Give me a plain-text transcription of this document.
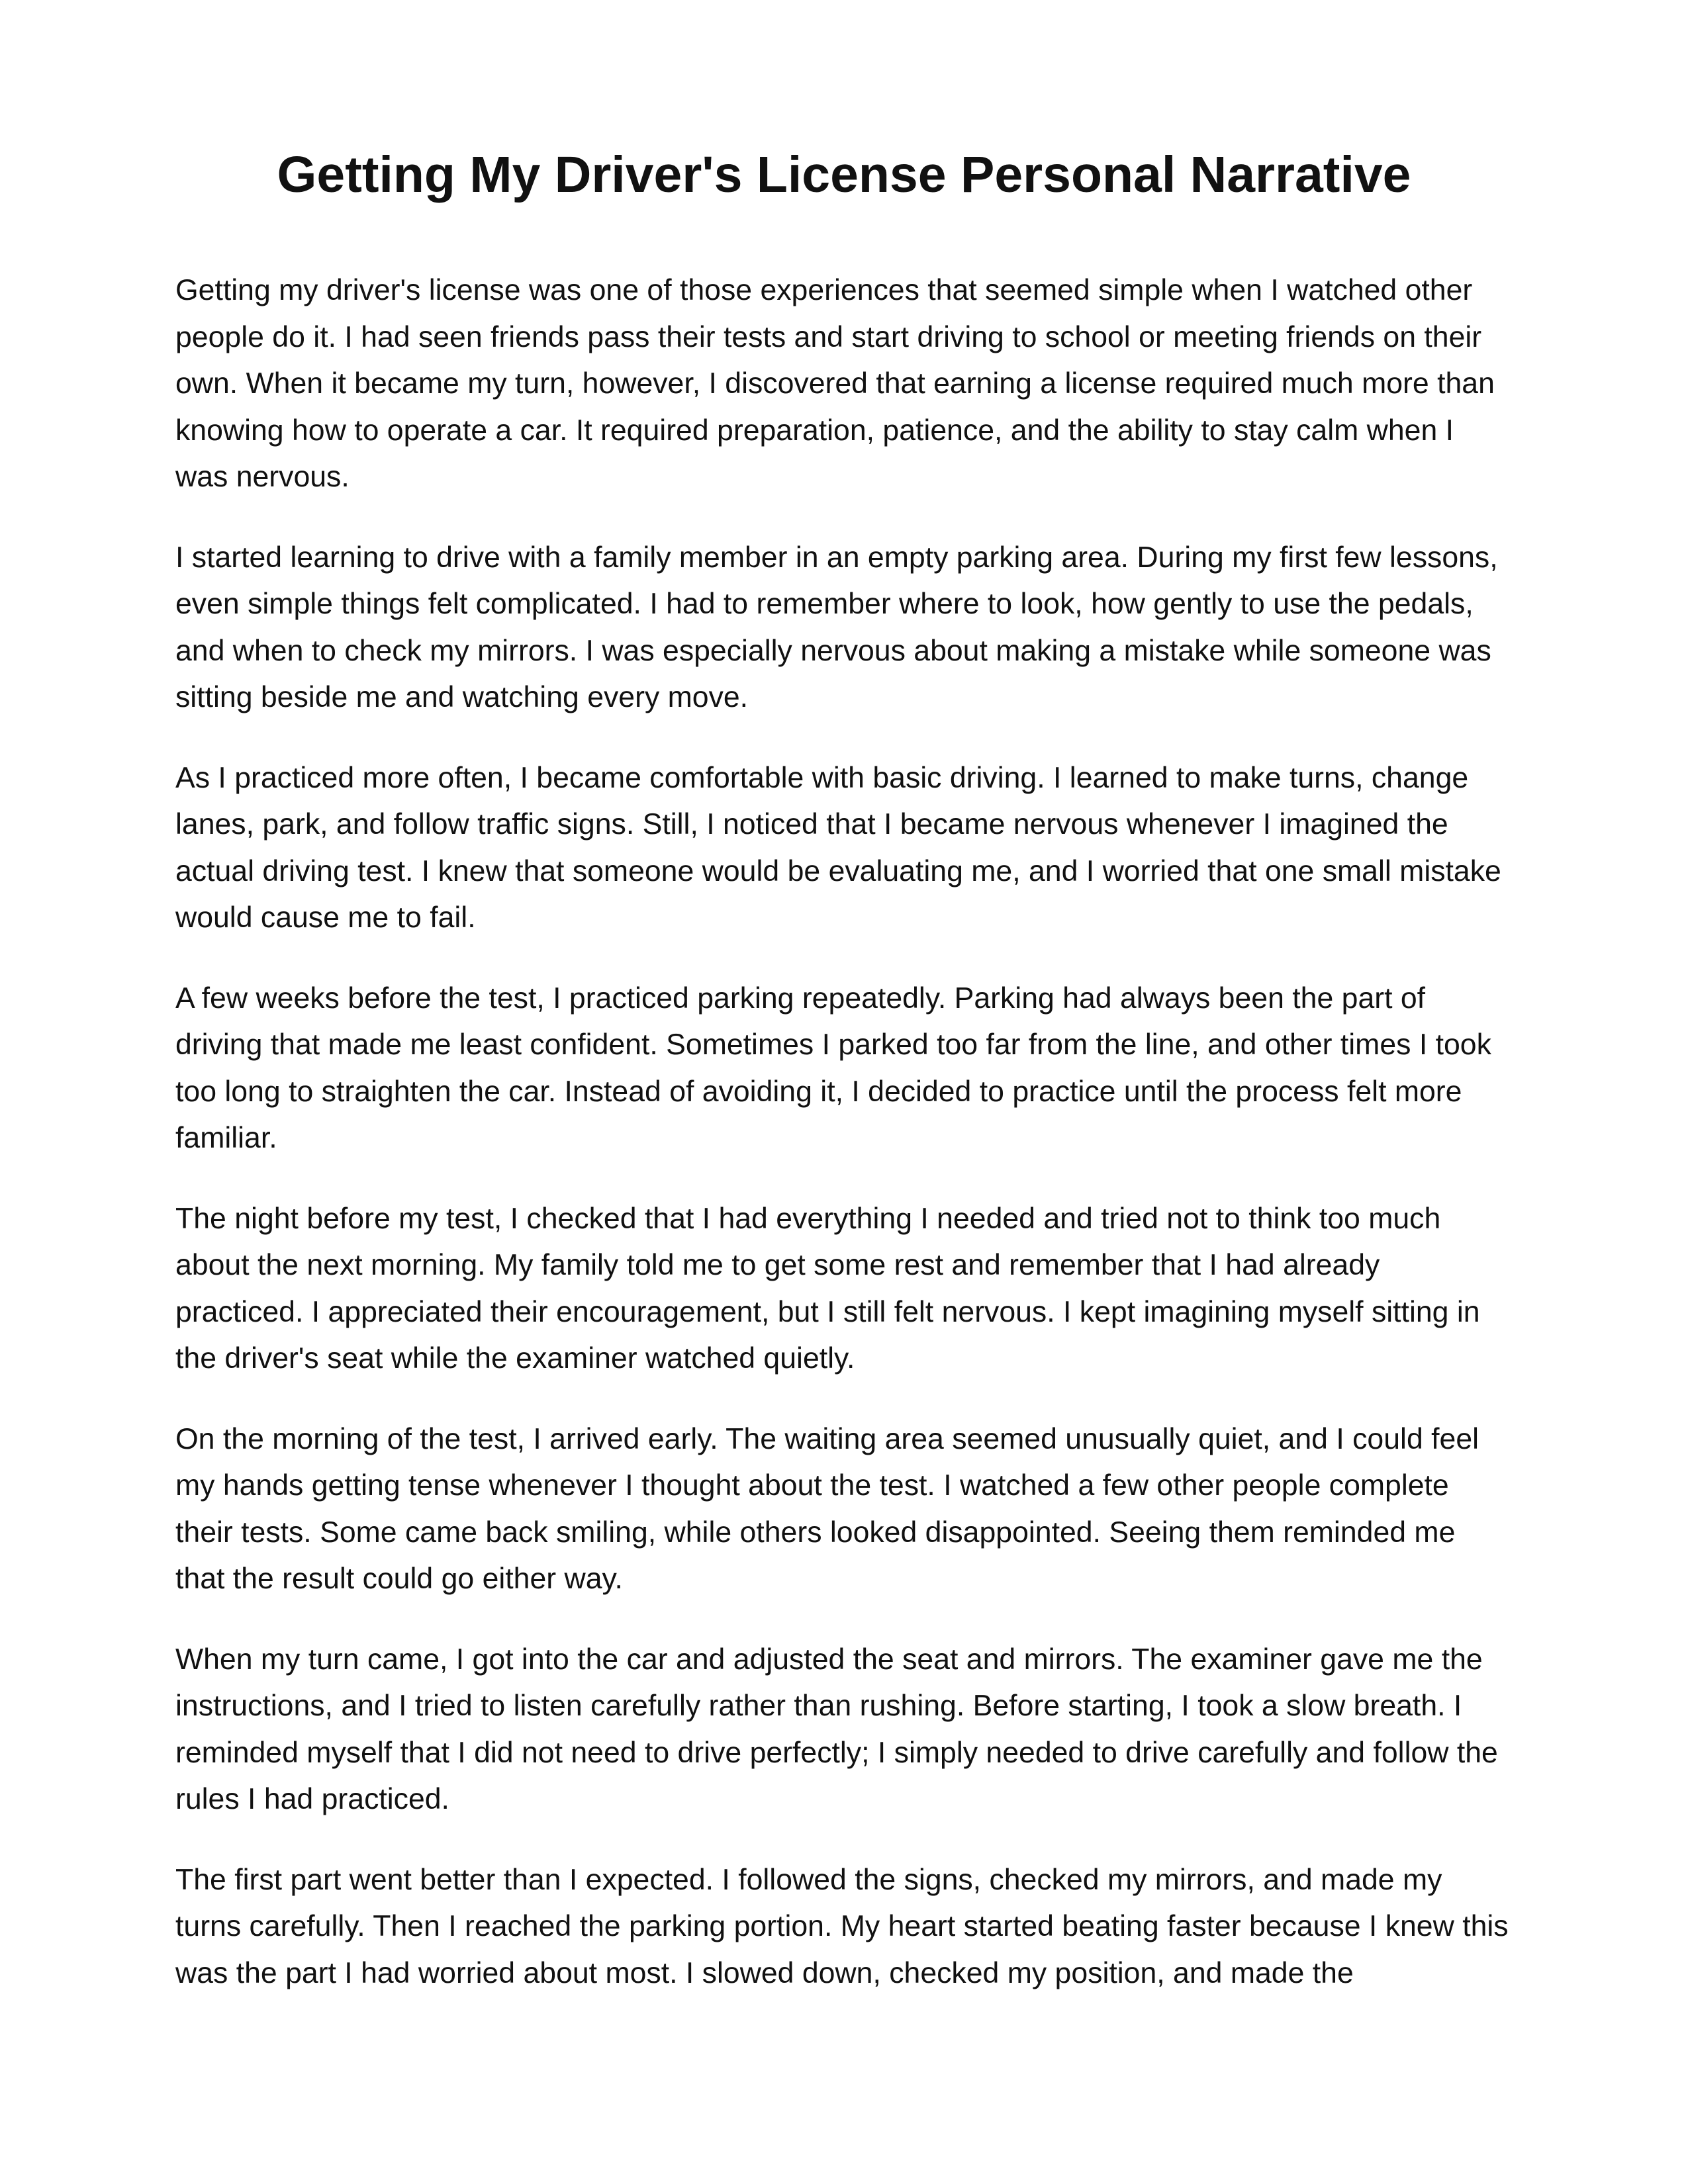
Getting My Driver's License Personal Narrative

Getting my driver's license was one of those experiences that seemed simple when I watched other people do it. I had seen friends pass their tests and start driving to school or meeting friends on their own. When it became my turn, however, I discovered that earning a license required much more than knowing how to operate a car. It required preparation, patience, and the ability to stay calm when I was nervous.

I started learning to drive with a family member in an empty parking area. During my first few lessons, even simple things felt complicated. I had to remember where to look, how gently to use the pedals, and when to check my mirrors. I was especially nervous about making a mistake while someone was sitting beside me and watching every move.

As I practiced more often, I became comfortable with basic driving. I learned to make turns, change lanes, park, and follow traffic signs. Still, I noticed that I became nervous whenever I imagined the actual driving test. I knew that someone would be evaluating me, and I worried that one small mistake would cause me to fail.

A few weeks before the test, I practiced parking repeatedly. Parking had always been the part of driving that made me least confident. Sometimes I parked too far from the line, and other times I took too long to straighten the car. Instead of avoiding it, I decided to practice until the process felt more familiar.

The night before my test, I checked that I had everything I needed and tried not to think too much about the next morning. My family told me to get some rest and remember that I had already practiced. I appreciated their encouragement, but I still felt nervous. I kept imagining myself sitting in the driver's seat while the examiner watched quietly.

On the morning of the test, I arrived early. The waiting area seemed unusually quiet, and I could feel my hands getting tense whenever I thought about the test. I watched a few other people complete their tests. Some came back smiling, while others looked disappointed. Seeing them reminded me that the result could go either way.

When my turn came, I got into the car and adjusted the seat and mirrors. The examiner gave me the instructions, and I tried to listen carefully rather than rushing. Before starting, I took a slow breath. I reminded myself that I did not need to drive perfectly; I simply needed to drive carefully and follow the rules I had practiced.

The first part went better than I expected. I followed the signs, checked my mirrors, and made my turns carefully. Then I reached the parking portion. My heart started beating faster because I knew this was the part I had worried about most. I slowed down, checked my position, and made the
